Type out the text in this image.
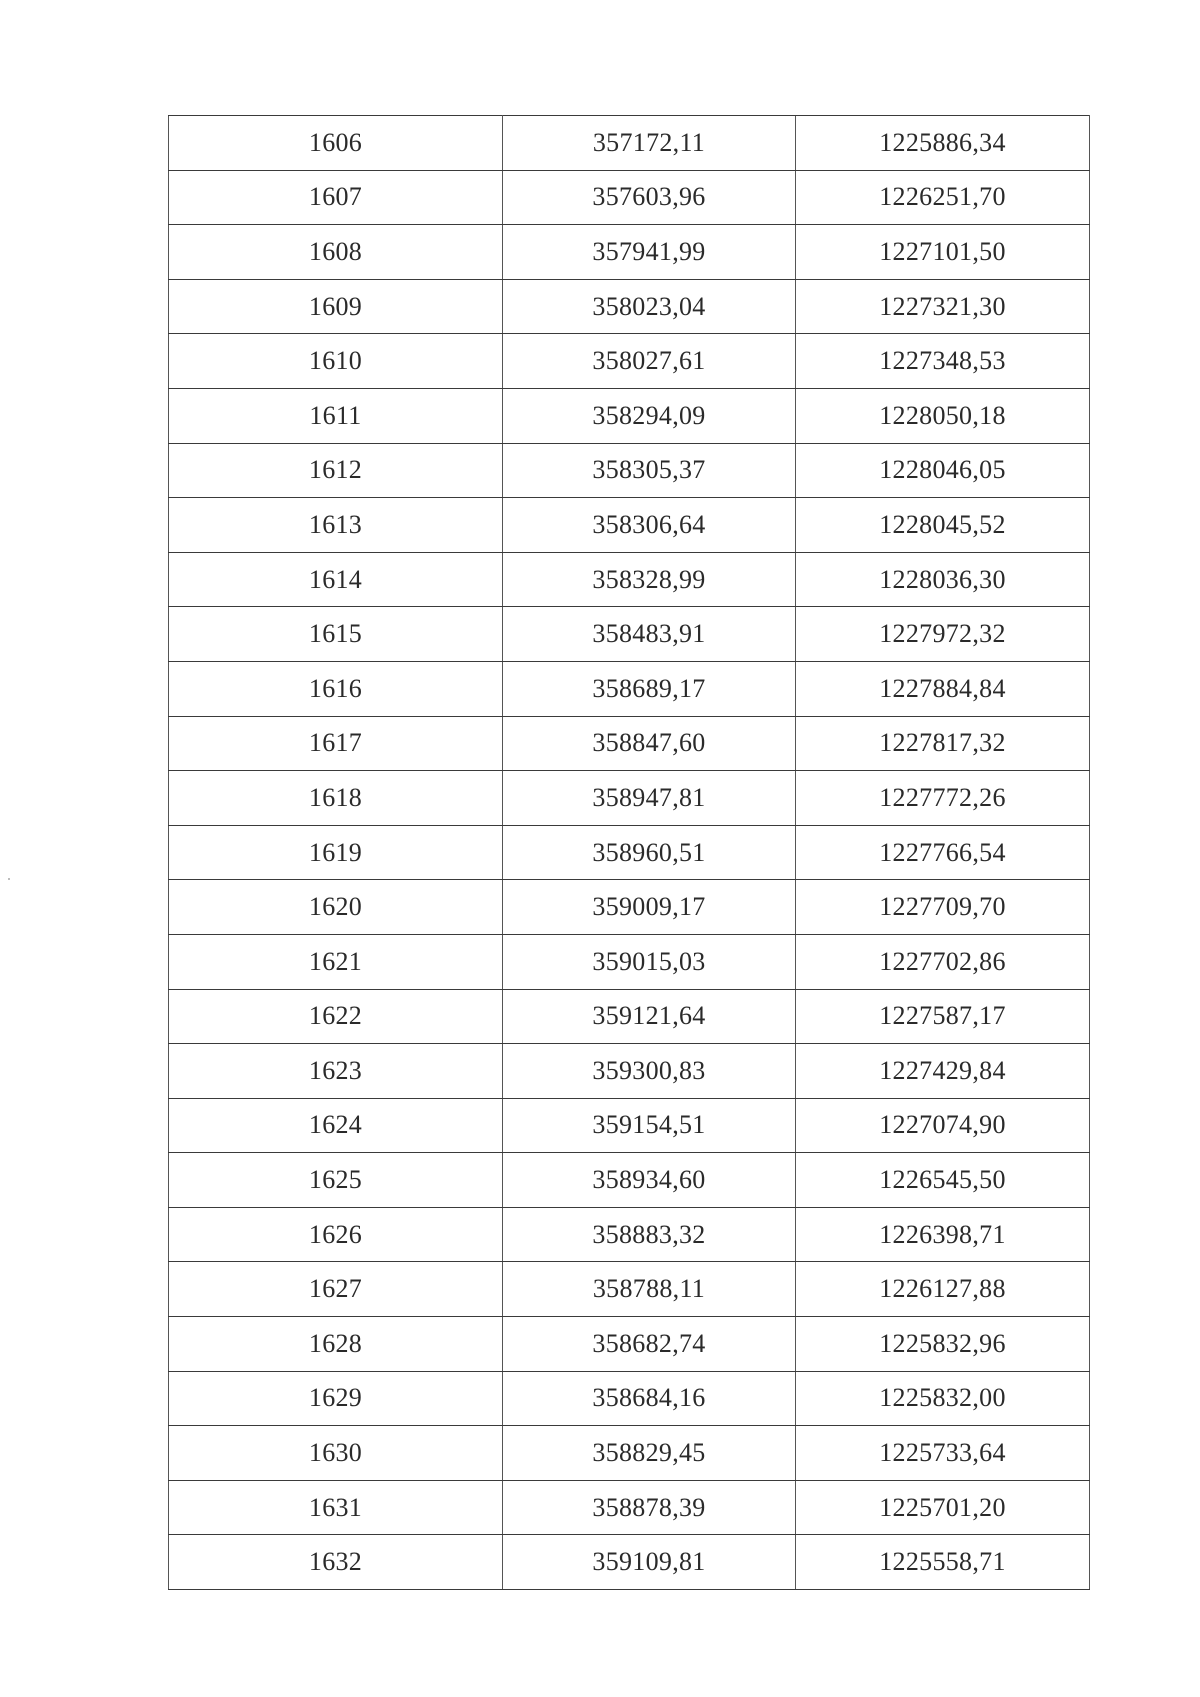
1606	357172,11	1225886,34
1607	357603,96	1226251,70
1608	357941,99	1227101,50
1609	358023,04	1227321,30
1610	358027,61	1227348,53
1611	358294,09	1228050,18
1612	358305,37	1228046,05
1613	358306,64	1228045,52
1614	358328,99	1228036,30
1615	358483,91	1227972,32
1616	358689,17	1227884,84
1617	358847,60	1227817,32
1618	358947,81	1227772,26
1619	358960,51	1227766,54
1620	359009,17	1227709,70
1621	359015,03	1227702,86
1622	359121,64	1227587,17
1623	359300,83	1227429,84
1624	359154,51	1227074,90
1625	358934,60	1226545,50
1626	358883,32	1226398,71
1627	358788,11	1226127,88
1628	358682,74	1225832,96
1629	358684,16	1225832,00
1630	358829,45	1225733,64
1631	358878,39	1225701,20
1632	359109,81	1225558,71
